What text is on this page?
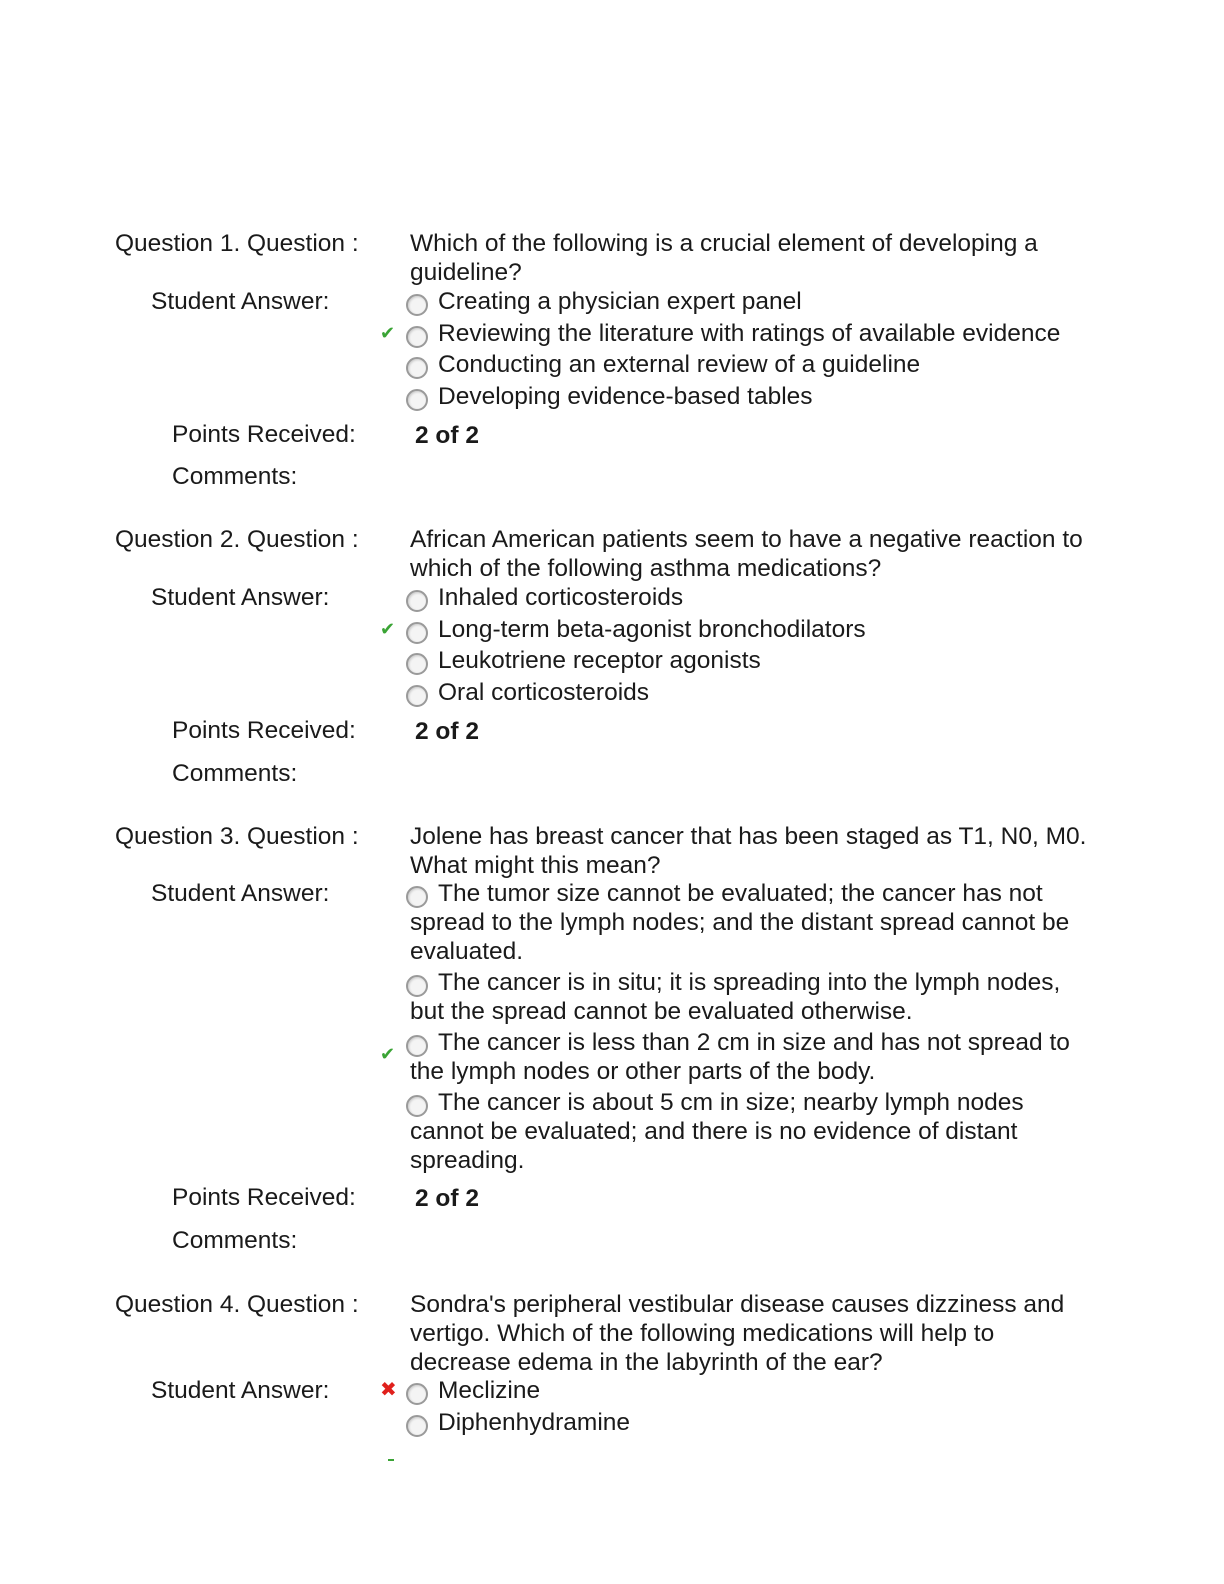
Question 1. Question : Which of the following is a crucial element of developing a guideline?
Student Answer:	Creating a physician expert panel
✔ Reviewing the literature with ratings of available evidence
Conducting an external review of a guideline
Developing evidence-based tables
Points Received: 2 of 2
Comments:
Question 2. Question : African American patients seem to have a negative reaction to which of the following asthma medications?
Student Answer:	Inhaled corticosteroids
✔ Long-term beta-agonist bronchodilators
Leukotriene receptor agonists
Oral corticosteroids
Points Received: 2 of 2
Comments:
Question 3. Question : Jolene has breast cancer that has been staged as T1, N0, M0. What might this mean?
Student Answer:	The tumor size cannot be evaluated; the cancer has not spread to the lymph nodes; and the distant spread cannot be evaluated.
The cancer is in situ; it is spreading into the lymph nodes, but the spread cannot be evaluated otherwise.
✔ The cancer is less than 2 cm in size and has not spread to the lymph nodes or other parts of the body.
The cancer is about 5 cm in size; nearby lymph nodes cannot be evaluated; and there is no evidence of distant spreading.
Points Received: 2 of 2
Comments:
Question 4. Question : Sondra's peripheral vestibular disease causes dizziness and vertigo. Which of the following medications will help to decrease edema in the labyrinth of the ear?
Student Answer:	✖ Meclizine
Diphenhydramine
